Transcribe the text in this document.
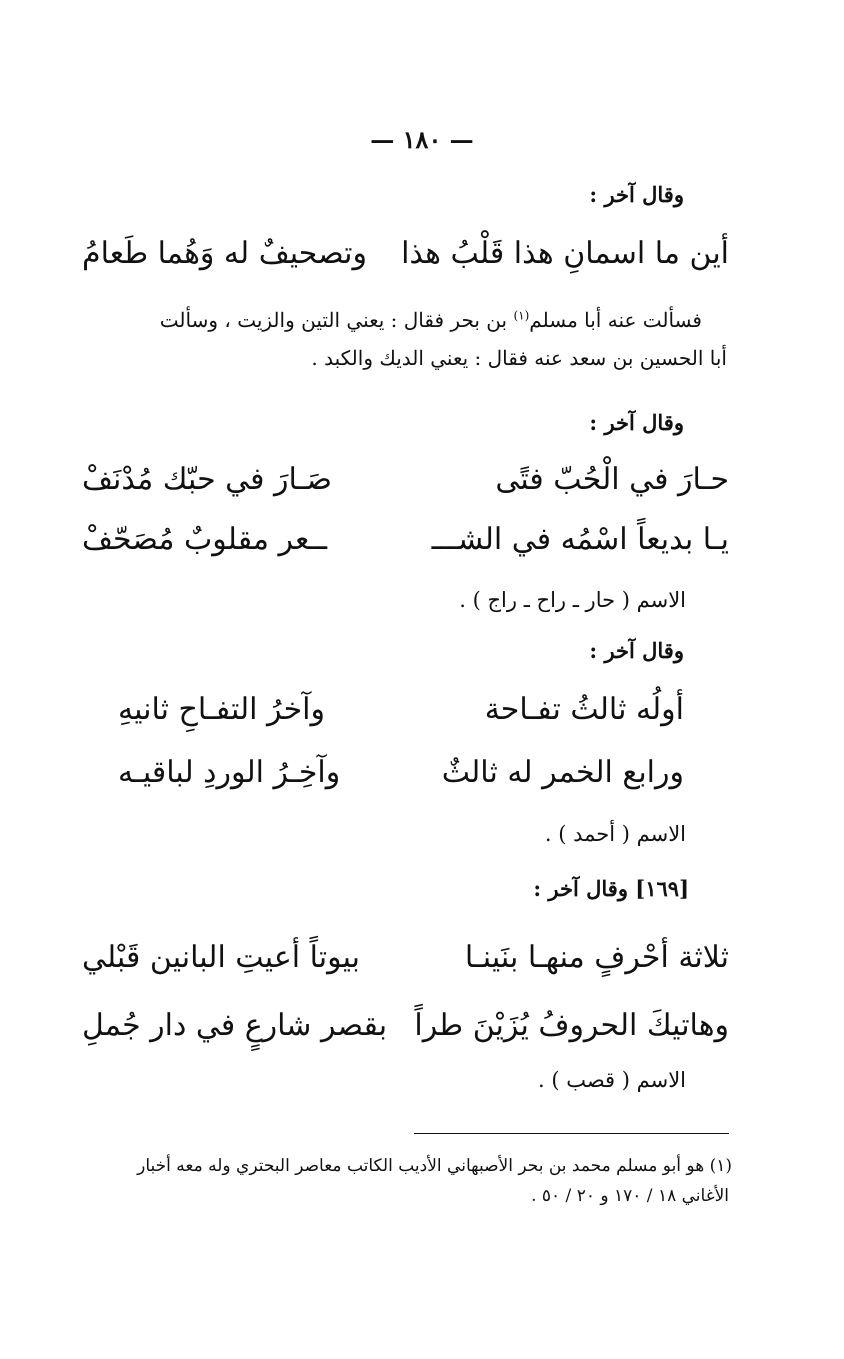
— ١٨٠ —
وقال آخر :
أين ما اسمانِ هذا قَلْبُ هذا
وتصحيفٌ له وَهُما طَعامُ
فسألت عنه أبا مسلم$^{(١)}$ بن بحر فقال : يعني التين والزيت ، وسألت
أبا الحسين بن سعد عنه فقال : يعني الديك والكبد .
وقال آخر :
حـارَ في الْحُبّ فتًى
صَـارَ في حبّك مُدْنَفْ
يـا بديعاً اسْمُه في الشـــ
ــعر مقلوبٌ مُصَحّفْ
الاسم ( حار ـ راح ـ راج ) .
وقال آخر :
أولُه ثالثُ تفـاحة
وآخرُ التفـاحِ ثانيهِ
ورابع الخمر له ثالثٌ
وآخِـرُ الوردِ لباقيـه
الاسم ( أحمد ) .
[١٦٩] وقال آخر :
ثلاثة أحْرفٍ منهـا بنَينـا
بيوتاً أعيتِ البانين قَبْلي
وهاتيكَ الحروفُ يُزَيْنَ طراً
بقصر شارعٍ في دار جُملِ
الاسم ( قصب ) .
(١) هو أبو مسلم محمد بن بحر الأصبهاني الأديب الكاتب معاصر البحتري وله معه أخبار
الأغاني ١٨ / ١٧٠ و ٢٠ / ٥٠ .
